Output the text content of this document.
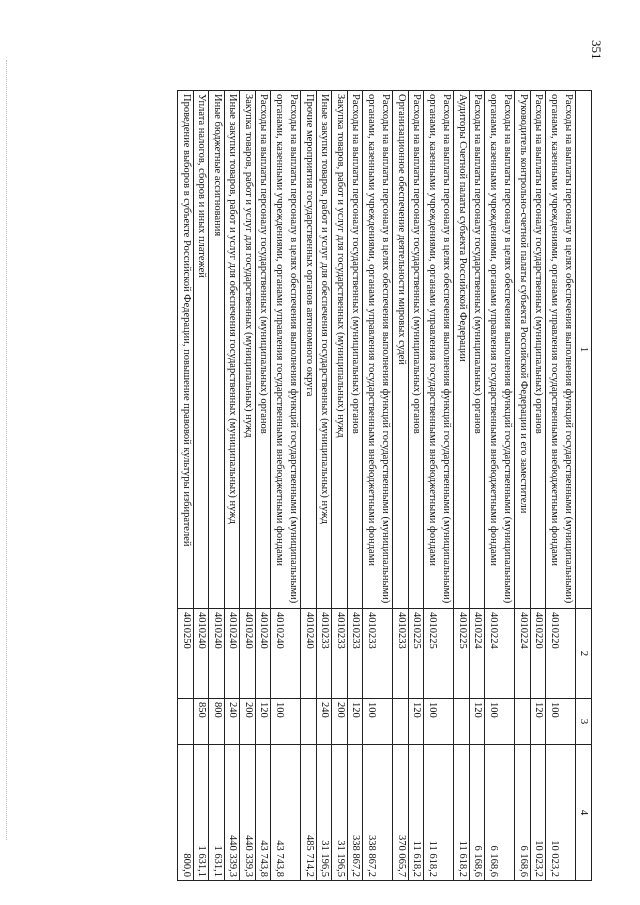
351
1	2	3	4
Расходы на выплаты персоналу в целях обеспечения выполнения функций государственными (муниципальными) органами, казенными учреждениями, органами управления государственными внебюджетными фондами	4010220	100	10 023,2
Расходы на выплаты персоналу государственных (муниципальных) органов	4010220	120	10 023,2
Руководитель контрольно-счетной палаты субъекта Российской Федерации и его заместители	4010224		6 168,6
Расходы на выплаты персоналу в целях обеспечения выполнения функций государственными (муниципальными) органами, казенными учреждениями, органами управления государственными внебюджетными фондами	4010224	100	6 168,6
Расходы на выплаты персоналу государственных (муниципальных) органов	4010224	120	6 168,6
Аудиторы Счетной палаты субъекта Российской Федерации	4010225		11 618,2
Расходы на выплаты персоналу в целях обеспечения выполнения функций государственными (муниципальными) органами, казенными учреждениями, органами управления государственными внебюджетными фондами	4010225	100	11 618,2
Расходы на выплаты персоналу государственных (муниципальных) органов	4010225	120	11 618,2
Организационное обеспечение деятельности мировых судей	4010233		370 065,7
Расходы на выплаты персоналу в целях обеспечения выполнения функций государственными (муниципальными) органами, казенными учреждениями, органами управления государственными внебюджетными фондами	4010233	100	338 867,2
Расходы на выплаты персоналу государственных (муниципальных) органов	4010233	120	338 867,2
Закупка товаров, работ и услуг для государственных (муниципальных) нужд	4010233	200	31 196,5
Иные закупки товаров, работ и услуг для обеспечения государственных (муниципальных) нужд	4010233	240	31 196,5
Прочие мероприятия государственных органов автономного округа	4010240		485 714,2
Расходы на выплаты персоналу в целях обеспечения выполнения функций государственными (муниципальными) органами, казенными учреждениями, органами управления государственными внебюджетными фондами	4010240	100	43 743,8
Расходы на выплаты персоналу государственных (муниципальных) органов	4010240	120	43 743,8
Закупка товаров, работ и услуг для государственных (муниципальных) нужд	4010240	200	440 339,3
Иные закупки товаров, работ и услуг для обеспечения государственных (муниципальных) нужд	4010240	240	440 339,3
Иные бюджетные ассигнования	4010240	800	1 631,1
Уплата налогов, сборов и иных платежей	4010240	850	1 631,1
Проведение выборов в субъекте Российской Федерации, повышение правовой культуры избирателей	4010250		800,0
